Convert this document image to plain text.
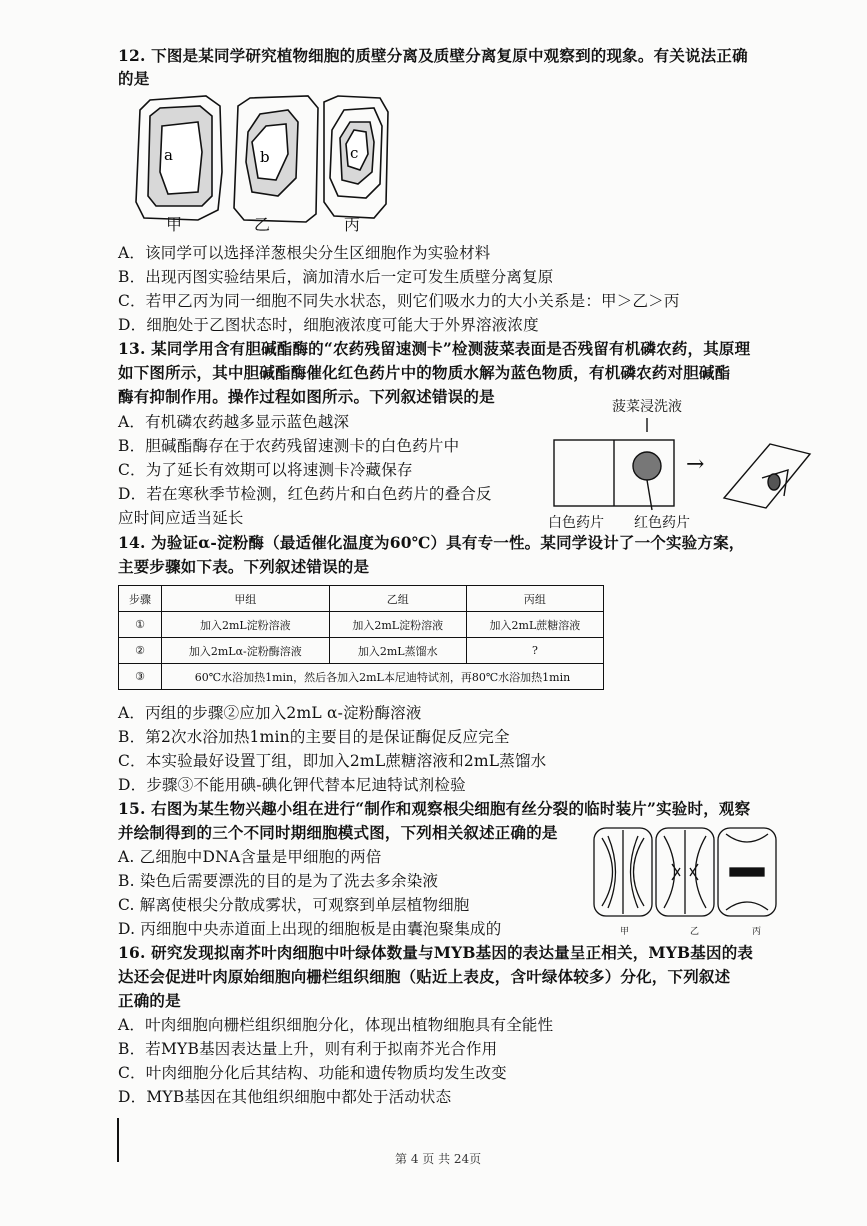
12. 下图是某同学研究植物细胞的质壁分离及质壁分离复原中观察到的现象。有关说法正确
的是
a	b	c
甲	乙	丙
A．该同学可以选择洋葱根尖分生区细胞作为实验材料
B．出现丙图实验结果后，滴加清水后一定可发生质壁分离复原
C．若甲乙丙为同一细胞不同失水状态，则它们吸水力的大小关系是：甲＞乙＞丙
D．细胞处于乙图状态时，细胞液浓度可能大于外界溶液浓度
13. 某同学用含有胆碱酯酶的“农药残留速测卡”检测菠菜表面是否残留有机磷农药，其原理
如下图所示，其中胆碱酯酶催化红色药片中的物质水解为蓝色物质，有机磷农药对胆碱酯
酶有抑制作用。操作过程如图所示。下列叙述错误的是
A．有机磷农药越多显示蓝色越深
B．胆碱酯酶存在于农药残留速测卡的白色药片中
C．为了延长有效期可以将速测卡冷藏保存
D．若在寒秋季节检测，红色药片和白色药片的叠合反
应时间应适当延长
菠菜浸洗液
→
白色药片 红色药片
14. 为验证α-淀粉酶（最适催化温度为60℃）具有专一性。某同学设计了一个实验方案，
主要步骤如下表。下列叙述错误的是
步骤	甲组	乙组	丙组
①	加入2mL淀粉溶液	加入2mL淀粉溶液	加入2mL蔗糖溶液
②	加入2mLα-淀粉酶溶液	加入2mL蒸馏水	?
③	60℃水浴加热1min，然后各加入2mL本尼迪特试剂，再80℃水浴加热1min		
A．丙组的步骤②应加入2mL α-淀粉酶溶液
B．第2次水浴加热1min的主要目的是保证酶促反应完全
C．本实验最好设置丁组，即加入2mL蔗糖溶液和2mL蒸馏水
D．步骤③不能用碘-碘化钾代替本尼迪特试剂检验
15. 右图为某生物兴趣小组在进行“制作和观察根尖细胞有丝分裂的临时装片”实验时，观察
并绘制得到的三个不同时期细胞模式图，下列相关叙述正确的是
A. 乙细胞中DNA含量是甲细胞的两倍
B. 染色后需要漂洗的目的是为了洗去多余染液
C. 解离使根尖分散成雾状，可观察到单层植物细胞
D. 丙细胞中央赤道面上出现的细胞板是由囊泡聚集成的	甲	乙	丙
16. 研究发现拟南芥叶肉细胞中叶绿体数量与MYB基因的表达量呈正相关，MYB基因的表
达还会促进叶肉原始细胞向栅栏组织细胞（贴近上表皮，含叶绿体较多）分化，下列叙述
正确的是
A．叶肉细胞向栅栏组织细胞分化，体现出植物细胞具有全能性
B．若MYB基因表达量上升，则有利于拟南芥光合作用
C．叶肉细胞分化后其结构、功能和遗传物质均发生改变
D．MYB基因在其他组织细胞中都处于活动状态
第 4 页 共 24页
